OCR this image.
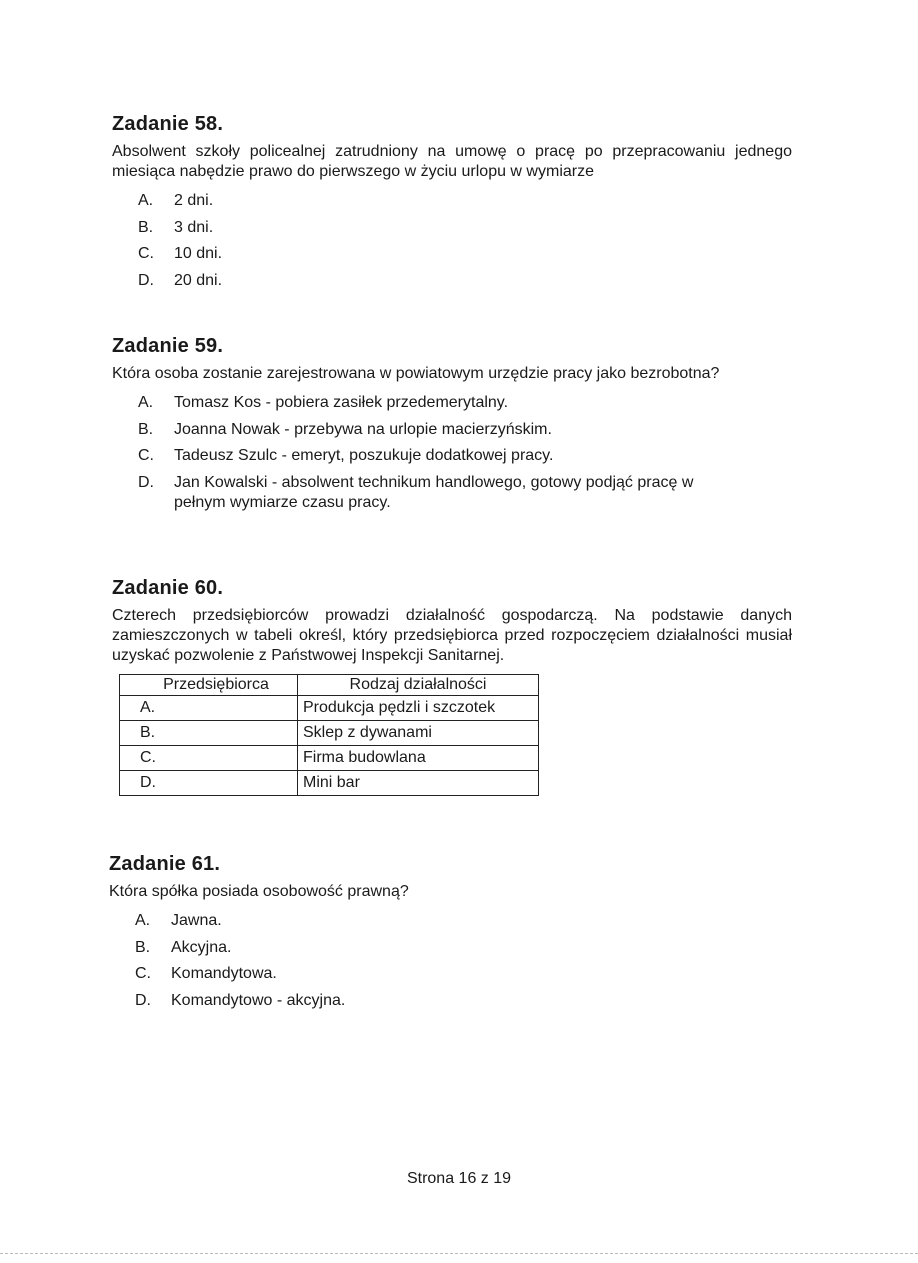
Zadanie 58.

Absolwent szkoły policealnej zatrudniony na umowę o pracę po przepracowaniu jednego miesiąca nabędzie prawo do pierwszego w życiu urlopu w wymiarze

A.	2 dni.
B.	3 dni.
C.	10 dni.
D.	20 dni.
Zadanie 59.

Która osoba zostanie zarejestrowana w powiatowym urzędzie pracy jako bezrobotna?

A.	Tomasz Kos - pobiera zasiłek przedemerytalny.
B.	Joanna Nowak - przebywa na urlopie macierzyńskim.
C.	Tadeusz Szulc - emeryt, poszukuje dodatkowej pracy.
D.	Jan Kowalski - absolwent technikum handlowego, gotowy podjąć pracę w pełnym wymiarze czasu pracy.
Zadanie 60.

Czterech przedsiębiorców prowadzi działalność gospodarczą. Na podstawie danych zamieszczonych w tabeli określ, który przedsiębiorca przed rozpoczęciem działalności musiał uzyskać pozwolenie z Państwowej Inspekcji Sanitarnej.

Przedsiębiorca	Rodzaj działalności
A.	Produkcja pędzli i szczotek
B.	Sklep z dywanami
C.	Firma budowlana
D.	Mini bar
Zadanie 61.

Która spółka posiada osobowość prawną?

A.	Jawna.
B.	Akcyjna.
C.	Komandytowa.
D.	Komandytowo - akcyjna.
Strona 16 z 19
